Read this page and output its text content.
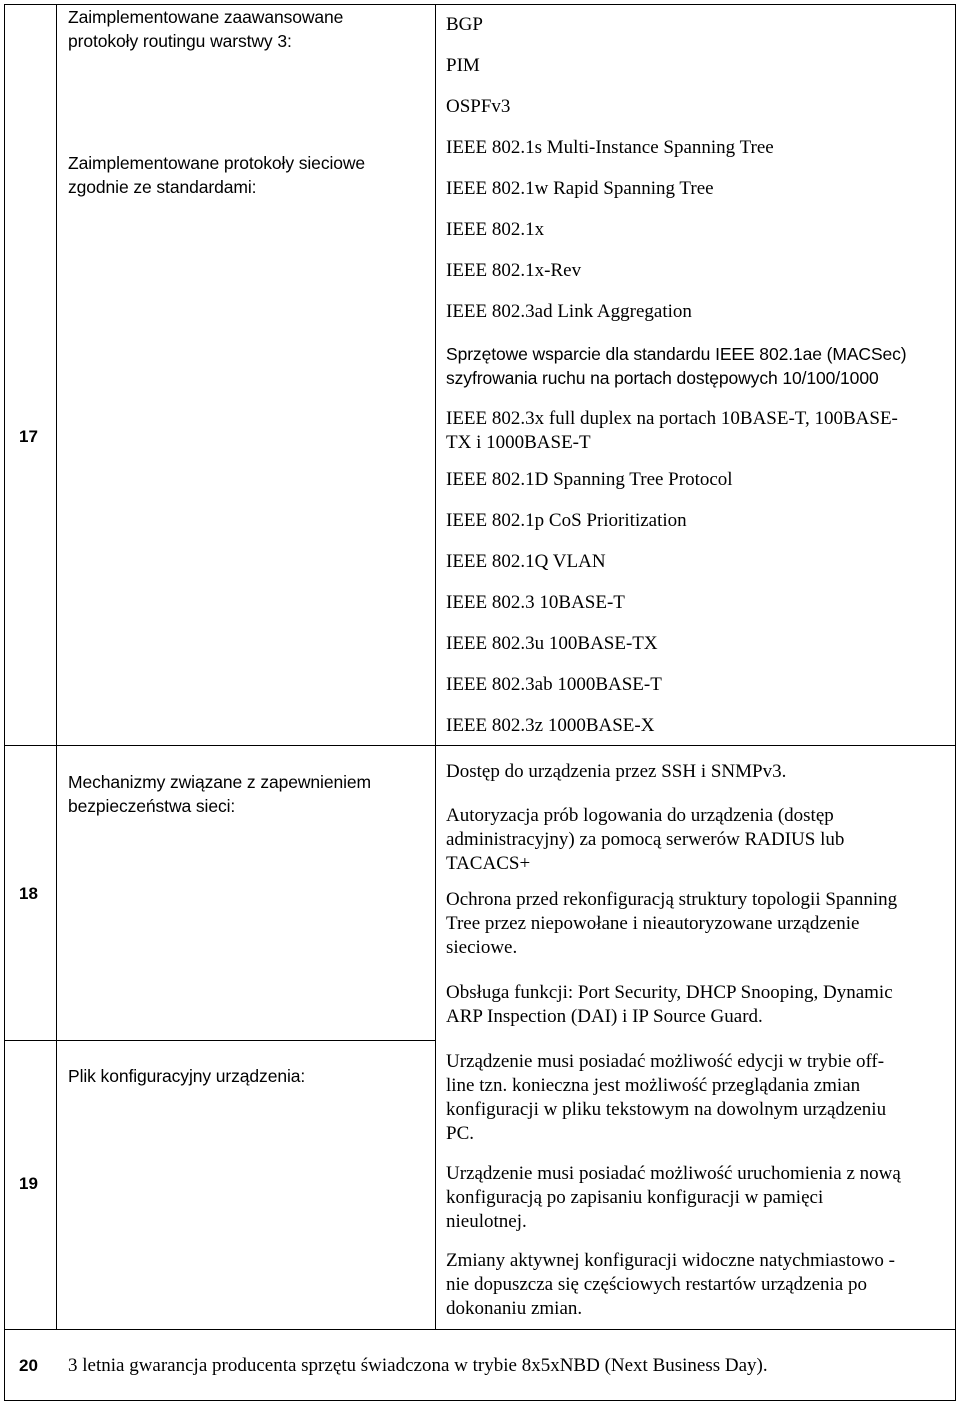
17
18
19
20
Zaimplementowane zaawansowane
protokoły routingu warstwy 3:
Zaimplementowane protokoły sieciowe
zgodnie ze standardami:
BGP
PIM
OSPFv3
IEEE 802.1s Multi-Instance Spanning Tree
IEEE 802.1w Rapid Spanning Tree
IEEE 802.1x
IEEE 802.1x-Rev
IEEE 802.3ad Link Aggregation
Sprzętowe wsparcie dla standardu IEEE 802.1ae (MACSec)
szyfrowania ruchu na portach dostępowych 10/100/1000
IEEE 802.3x full duplex na portach 10BASE-T, 100BASE-
TX i 1000BASE-T
IEEE 802.1D Spanning Tree Protocol
IEEE 802.1p CoS Prioritization
IEEE 802.1Q VLAN
IEEE 802.3 10BASE-T
IEEE 802.3u 100BASE-TX
IEEE 802.3ab 1000BASE-T
IEEE 802.3z 1000BASE-X
Mechanizmy związane z zapewnieniem
bezpieczeństwa sieci:
Dostęp do urządzenia przez SSH i SNMPv3.
Autoryzacja prób logowania do urządzenia (dostęp
administracyjny) za pomocą serwerów RADIUS lub
TACACS+
Ochrona przed rekonfiguracją struktury topologii Spanning
Tree przez niepowołane i nieautoryzowane urządzenie
sieciowe.
Obsługa funkcji: Port Security, DHCP Snooping, Dynamic
ARP Inspection (DAI) i IP Source Guard.
Plik konfiguracyjny urządzenia:
Urządzenie musi posiadać możliwość edycji w trybie off-
line tzn. konieczna jest możliwość przeglądania zmian
konfiguracji w pliku tekstowym na dowolnym urządzeniu
PC.
Urządzenie musi posiadać możliwość uruchomienia z nową
konfiguracją po zapisaniu konfiguracji w pamięci
nieulotnej.
Zmiany aktywnej konfiguracji widoczne natychmiastowo -
nie dopuszcza się częściowych restartów urządzenia po
dokonaniu zmian.
3 letnia gwarancja producenta sprzętu świadczona w trybie 8x5xNBD (Next Business Day).
